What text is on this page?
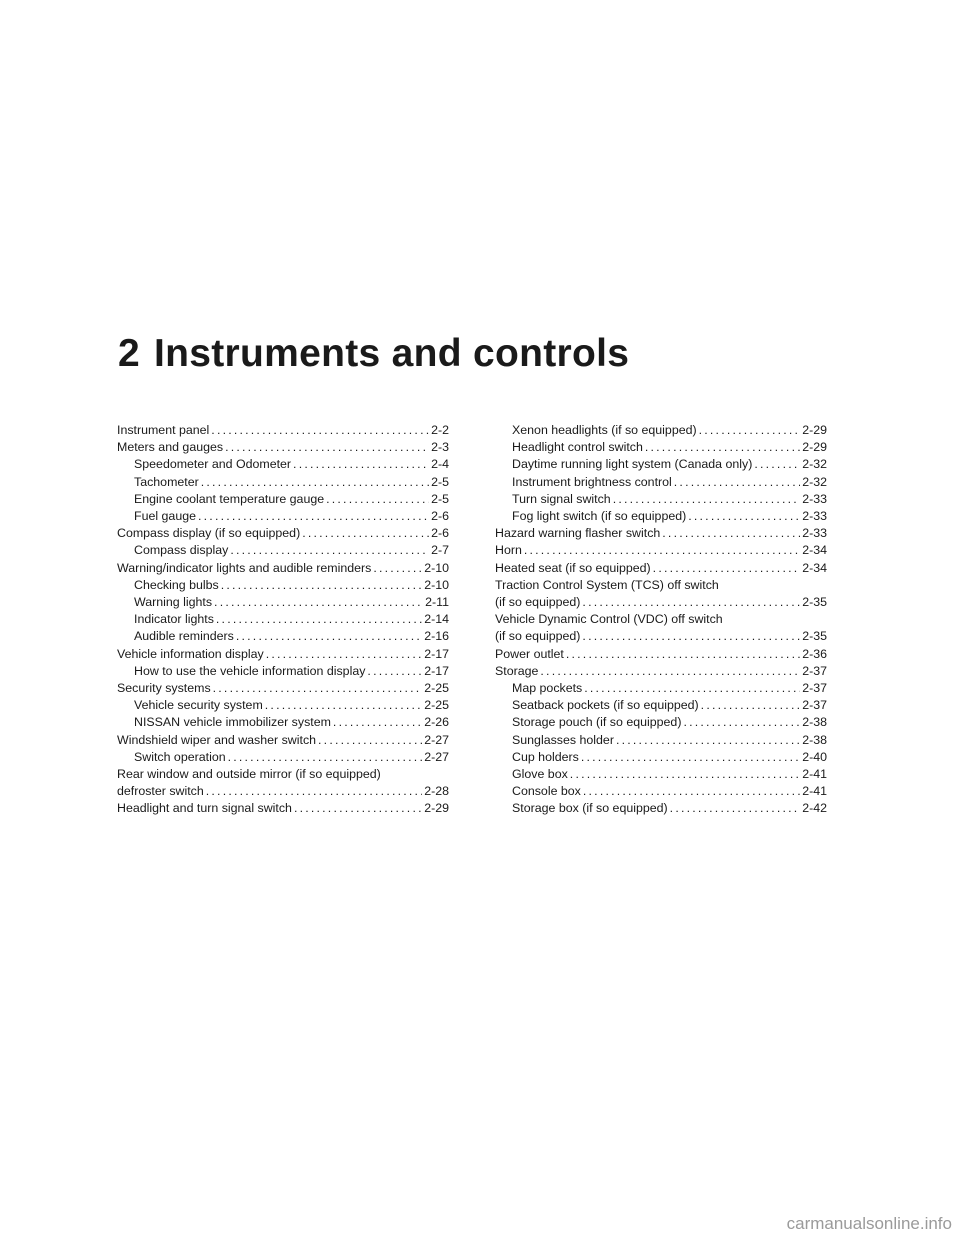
2 Instruments and controls
Instrument panel .....	2-2
Meters and gauges .....	2-3
Speedometer and Odometer .....	2-4
Tachometer .....	2-5
Engine coolant temperature gauge .....	2-5
Fuel gauge .....	2-6
Compass display (if so equipped) .....	2-6
Compass display .....	2-7
Warning/indicator lights and audible reminders .....	2-10
Checking bulbs .....	2-10
Warning lights .....	2-11
Indicator lights .....	2-14
Audible reminders .....	2-16
Vehicle information display .....	2-17
How to use the vehicle information display .....	2-17
Security systems .....	2-25
Vehicle security system .....	2-25
NISSAN vehicle immobilizer system .....	2-26
Windshield wiper and washer switch .....	2-27
Switch operation .....	2-27
Rear window and outside mirror (if so equipped)
defroster switch .....	2-28
Headlight and turn signal switch .....	2-29
Xenon headlights (if so equipped) .....	2-29
Headlight control switch .....	2-29
Daytime running light system (Canada only) .....	2-32
Instrument brightness control .....	2-32
Turn signal switch .....	2-33
Fog light switch (if so equipped) .....	2-33
Hazard warning flasher switch .....	2-33
Horn .....	2-34
Heated seat (if so equipped) .....	2-34
Traction Control System (TCS) off switch
(if so equipped) .....	2-35
Vehicle Dynamic Control (VDC) off switch
(if so equipped) .....	2-35
Power outlet .....	2-36
Storage .....	2-37
Map pockets .....	2-37
Seatback pockets (if so equipped) .....	2-37
Storage pouch (if so equipped) .....	2-38
Sunglasses holder .....	2-38
Cup holders .....	2-40
Glove box .....	2-41
Console box .....	2-41
Storage box (if so equipped) .....	2-42
carmanualsonline.info
